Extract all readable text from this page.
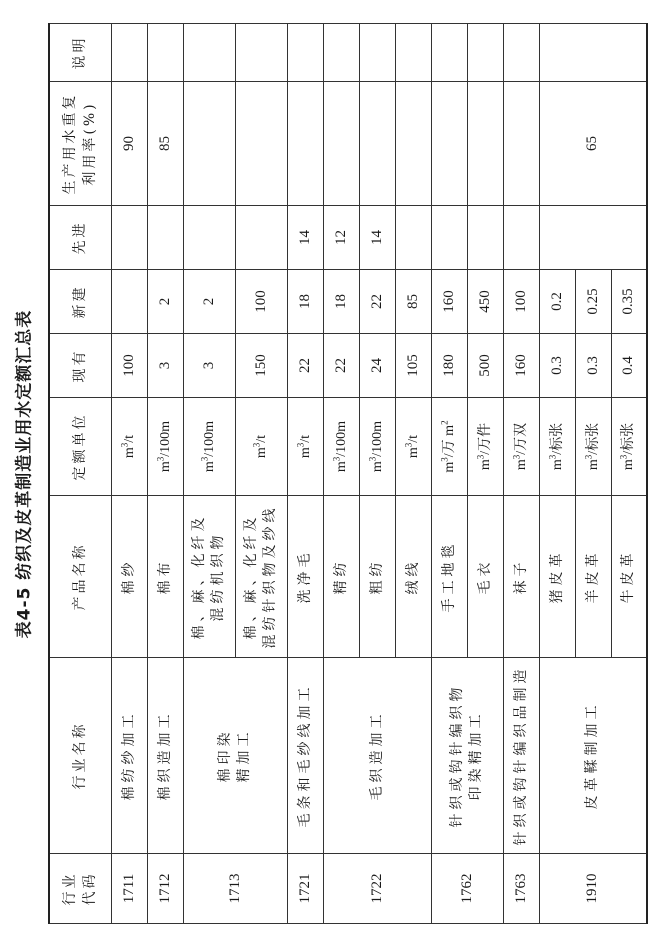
表4-5 纺织及皮革制造业用水定额汇总表
行业 代码	行业名称	产品名称	定额单位	现有	新建	先进	生产用水重复 利用率(%)	说明
1711	棉纺纱加工	棉纱	$m^3/t$	100			90	
1712	棉织造加工	棉布	$m^3/100m$	3	2		85	
1713	棉印染 精加工	棉、麻、化纤及 混纺机织物	$m^3/100m$	3	2			

		棉、麻、化纤及 混纺针织物及纱线	$m^3/t$	150	100			
1721	毛条和毛纱线加工	洗净毛	$m^3/t$	22	18	14		
1722	毛织造加工	精纺	$m^3/100m$	22	18	12		
		粗纺	$m^3/100m$	24	22	14		
		绒线	$m^3/t$	105	85			
1762	针织或钩针编织物 印染精加工	手工地毯	$m^3/$万 $m^2$	180	160			
		毛衣	$m^3/$万件	500	450			
1763	针织或钩针编织品制造	袜子	$m^3/$万双	160	100			
1910	皮革鞣制加工	猪皮革	$m^3/$标张	0.3	0.2		65	
		羊皮革	$m^3/$标张	0.3	0.25			
		牛皮革	$m^3/$标张	0.4	0.35			
